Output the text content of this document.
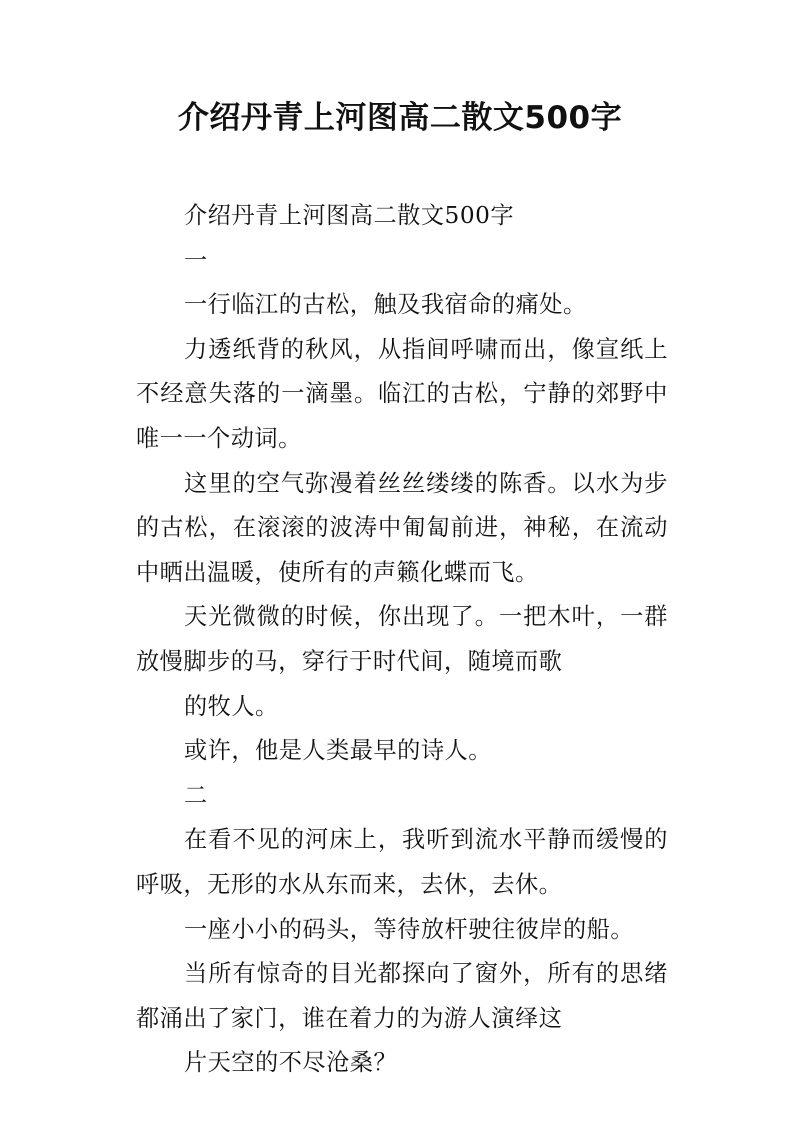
介绍丹青上河图高二散文500字

介绍丹青上河图高二散文500字

一

一行临江的古松，触及我宿命的痛处。

力透纸背的秋风，从指间呼啸而出，像宣纸上不经意失落的一滴墨。临江的古松，宁静的郊野中唯一一个动词。

这里的空气弥漫着丝丝缕缕的陈香。以水为步的古松，在滚滚的波涛中匍匐前进，神秘，在流动中晒出温暖，使所有的声籁化蝶而飞。

天光微微的时候，你出现了。一把木叶，一群放慢脚步的马，穿行于时代间，随境而歌

的牧人。

或许，他是人类最早的诗人。

二

在看不见的河床上，我听到流水平静而缓慢的呼吸，无形的水从东而来，去休，去休。

一座小小的码头，等待放杆驶往彼岸的船。

当所有惊奇的目光都探向了窗外，所有的思绪都涌出了家门，谁在着力的为游人演绎这

片天空的不尽沧桑？
